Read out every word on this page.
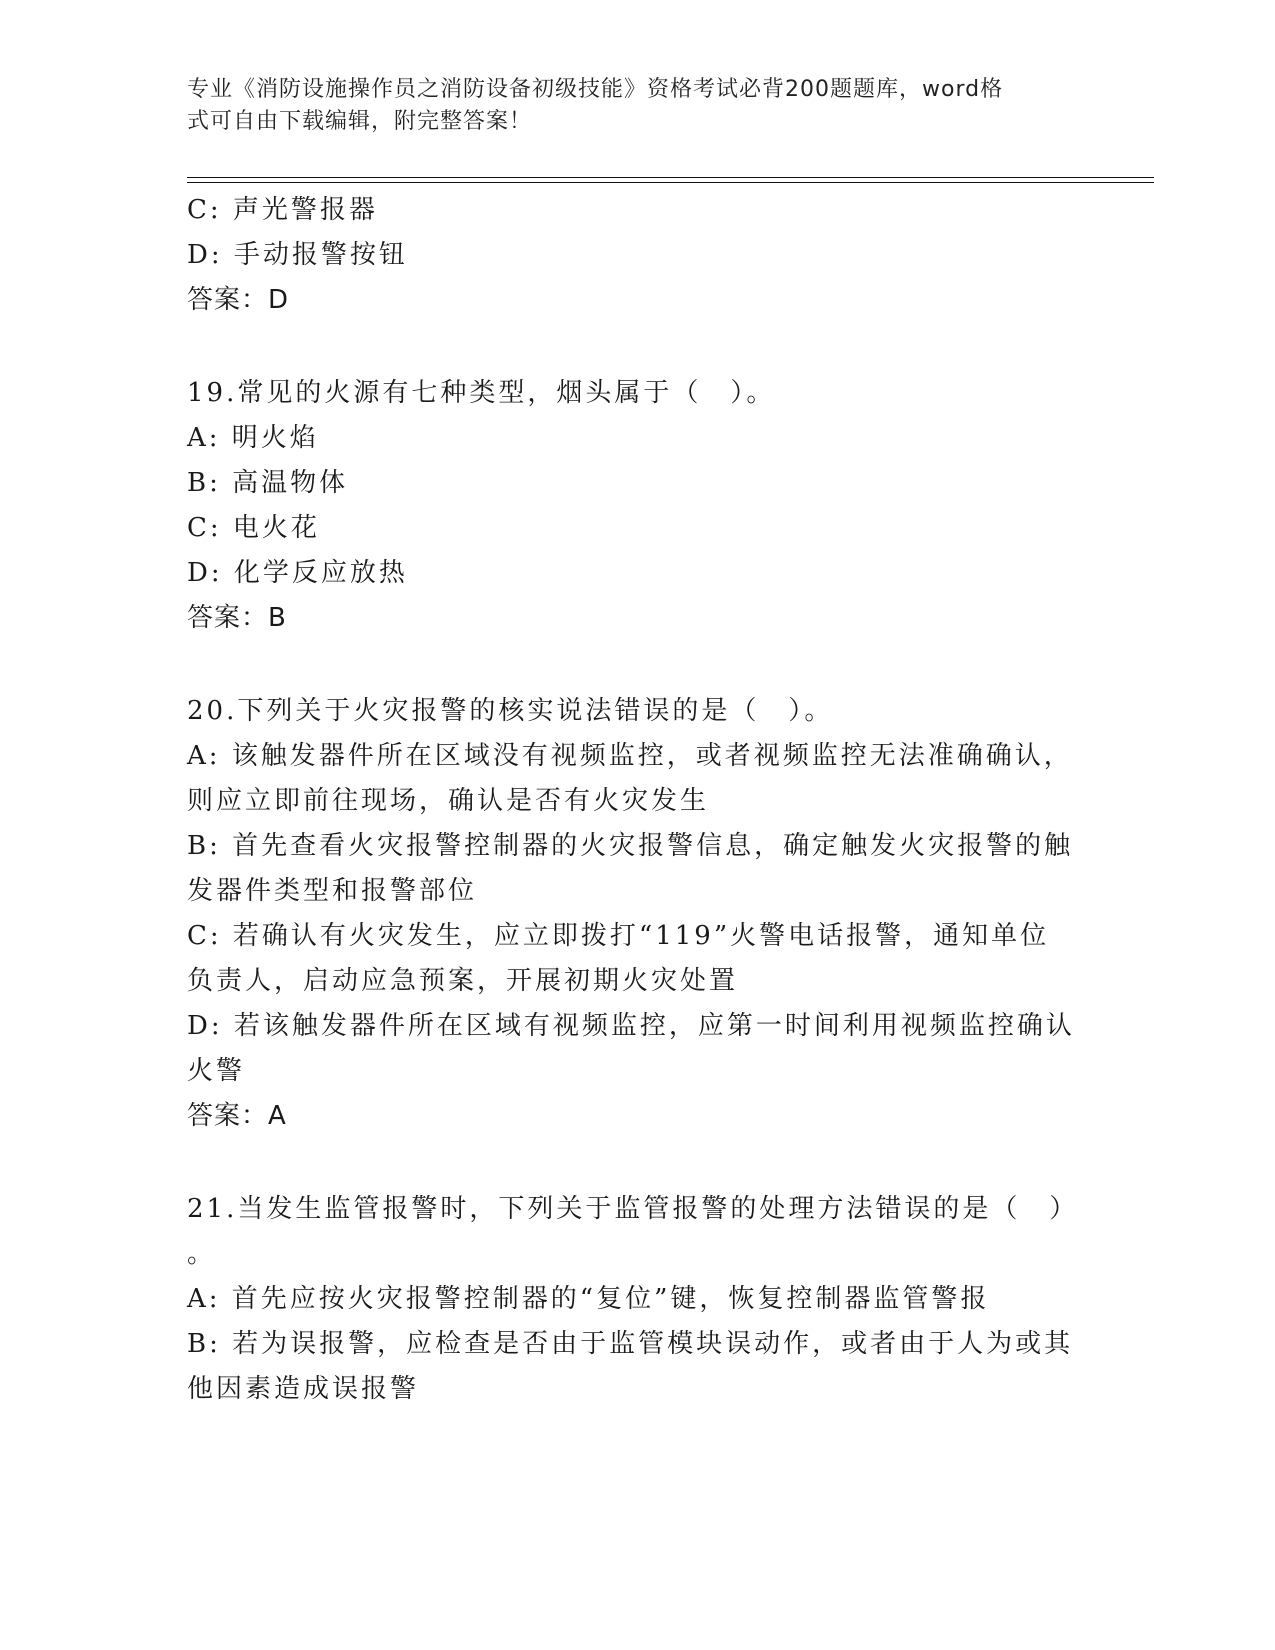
专业《消防设施操作员之消防设备初级技能》资格考试必背200题题库，word格
式可自由下载编辑，附完整答案！
C: 声光警报器
D: 手动报警按钮
答案：D
19.常见的火源有七种类型，烟头属于（　）。
A: 明火焰
B: 高温物体
C: 电火花
D: 化学反应放热
答案：B
20.下列关于火灾报警的核实说法错误的是（　）。
A: 该触发器件所在区域没有视频监控，或者视频监控无法准确确认，
则应立即前往现场，确认是否有火灾发生
B: 首先查看火灾报警控制器的火灾报警信息，确定触发火灾报警的触
发器件类型和报警部位
C: 若确认有火灾发生，应立即拨打“119”火警电话报警，通知单位
负责人，启动应急预案，开展初期火灾处置
D: 若该触发器件所在区域有视频监控，应第一时间利用视频监控确认
火警
答案：A
21.当发生监管报警时，下列关于监管报警的处理方法错误的是（　）
。
A: 首先应按火灾报警控制器的“复位”键，恢复控制器监管警报
B: 若为误报警，应检查是否由于监管模块误动作，或者由于人为或其
他因素造成误报警
